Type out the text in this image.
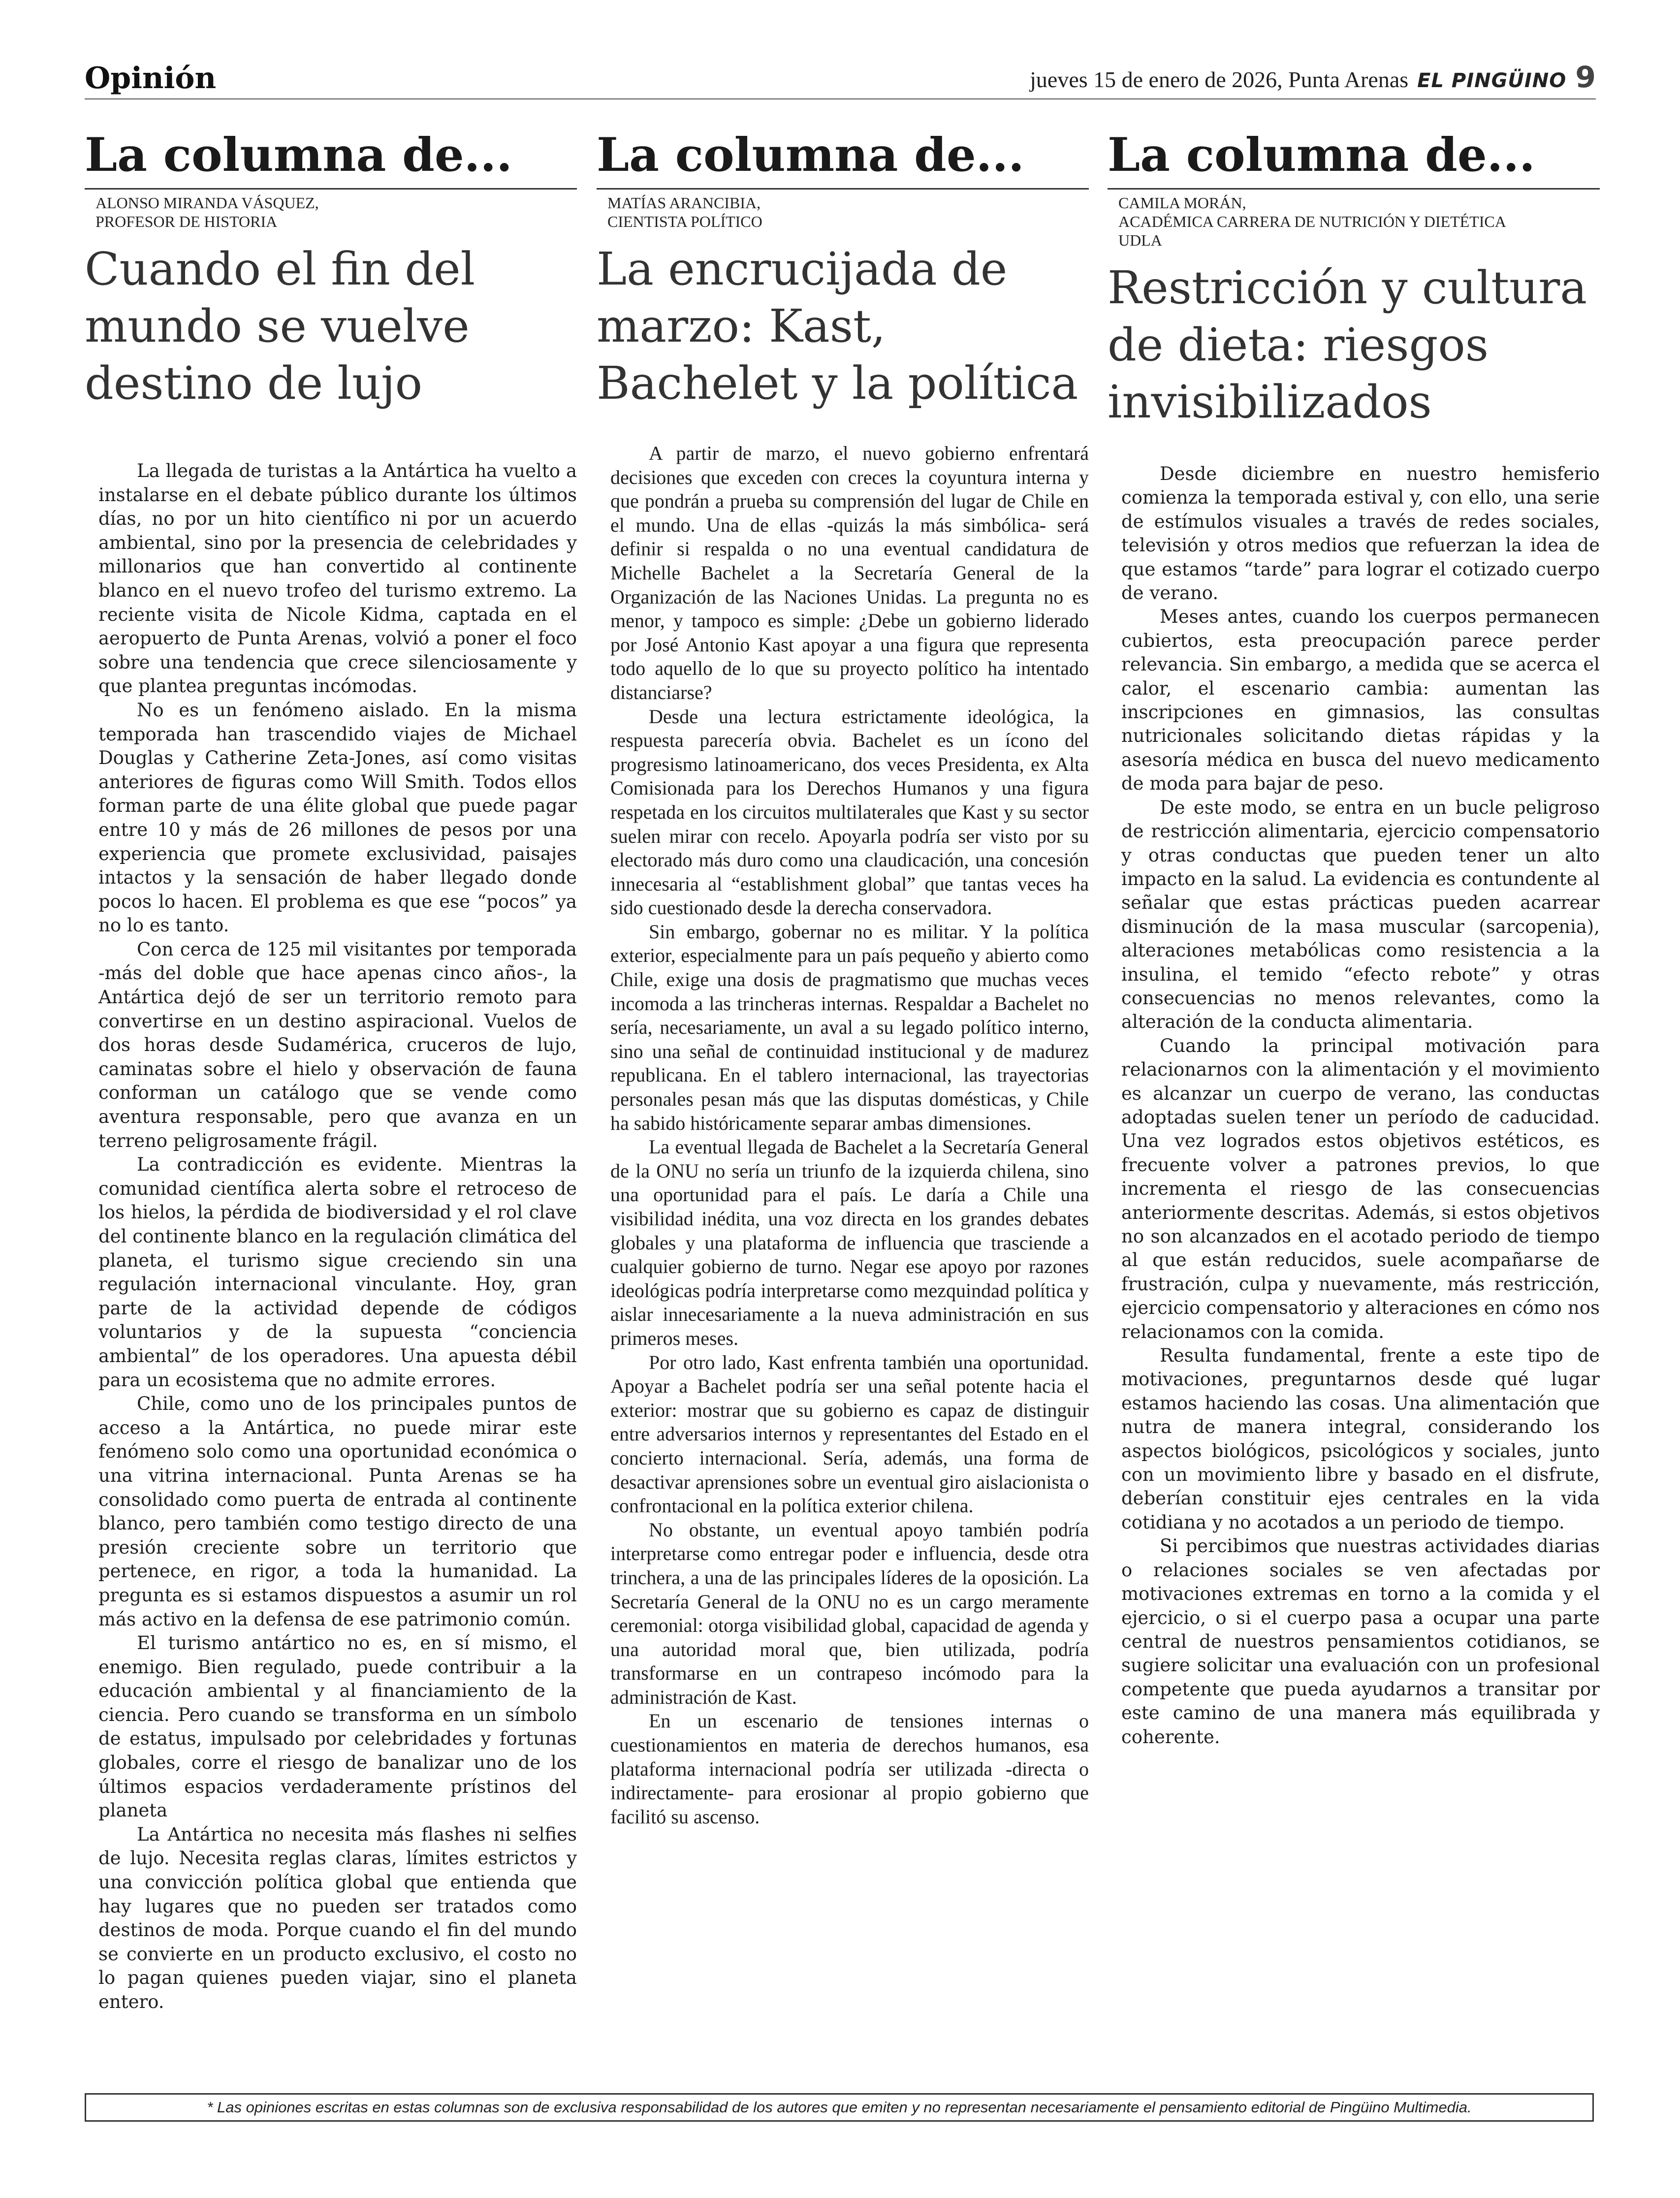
Opinión	jueves 15 de enero de 2026, Punta Arenas EL PINGÜINO 9
La columna de...
ALONSO MIRANDA VÁSQUEZ,
PROFESOR DE HISTORIA
Cuando el fin del mundo se vuelve destino de lujo

La llegada de turistas a la Antártica ha vuelto a instalarse en el debate público durante los últimos días, no por un hito científico ni por un acuerdo ambiental, sino por la presencia de celebridades y millonarios que han convertido al continente blanco en el nuevo trofeo del turismo extremo. La reciente visita de Nicole Kidma, captada en el aeropuerto de Punta Arenas, volvió a poner el foco sobre una tendencia que crece silenciosamente y que plantea preguntas incómodas.

No es un fenómeno aislado. En la misma temporada han trascendido viajes de Michael Douglas y Catherine Zeta-Jones, así como visitas anteriores de figuras como Will Smith. Todos ellos forman parte de una élite global que puede pagar entre 10 y más de 26 millones de pesos por una experiencia que promete exclusividad, paisajes intactos y la sensación de haber llegado donde pocos lo hacen. El problema es que ese “pocos” ya no lo es tanto.

Con cerca de 125 mil visitantes por temporada -más del doble que hace apenas cinco años-, la Antártica dejó de ser un territorio remoto para convertirse en un destino aspiracional. Vuelos de dos horas desde Sudamérica, cruceros de lujo, caminatas sobre el hielo y observación de fauna conforman un catálogo que se vende como aventura responsable, pero que avanza en un terreno peligrosamente frágil.

La contradicción es evidente. Mientras la comunidad científica alerta sobre el retroceso de los hielos, la pérdida de biodiversidad y el rol clave del continente blanco en la regulación climática del planeta, el turismo sigue creciendo sin una regulación internacional vinculante. Hoy, gran parte de la actividad depende de códigos voluntarios y de la supuesta “conciencia ambiental” de los operadores. Una apuesta débil para un ecosistema que no admite errores.

Chile, como uno de los principales puntos de acceso a la Antártica, no puede mirar este fenómeno solo como una oportunidad económica o una vitrina internacional. Punta Arenas se ha consolidado como puerta de entrada al continente blanco, pero también como testigo directo de una presión creciente sobre un territorio que pertenece, en rigor, a toda la humanidad. La pregunta es si estamos dispuestos a asumir un rol más activo en la defensa de ese patrimonio común.

El turismo antártico no es, en sí mismo, el enemigo. Bien regulado, puede contribuir a la educación ambiental y al financiamiento de la ciencia. Pero cuando se transforma en un símbolo de estatus, impulsado por celebridades y fortunas globales, corre el riesgo de banalizar uno de los últimos espacios verdaderamente prístinos del planeta

La Antártica no necesita más flashes ni selfies de lujo. Necesita reglas claras, límites estrictos y una convicción política global que entienda que hay lugares que no pueden ser tratados como destinos de moda. Porque cuando el fin del mundo se convierte en un producto exclusivo, el costo no lo pagan quienes pueden viajar, sino el planeta entero.

La columna de...
MATÍAS ARANCIBIA,
CIENTISTA POLÍTICO
La encrucijada de marzo: Kast, Bachelet y la política

A partir de marzo, el nuevo gobierno enfrentará decisiones que exceden con creces la coyuntura interna y que pondrán a prueba su comprensión del lugar de Chile en el mundo. Una de ellas -quizás la más simbólica- será definir si respalda o no una eventual candidatura de Michelle Bachelet a la Secretaría General de la Organización de las Naciones Unidas. La pregunta no es menor, y tampoco es simple: ¿Debe un gobierno liderado por José Antonio Kast apoyar a una figura que representa todo aquello de lo que su proyecto político ha intentado distanciarse?

Desde una lectura estrictamente ideológica, la respuesta parecería obvia. Bachelet es un ícono del progresismo latinoamericano, dos veces Presidenta, ex Alta Comisionada para los Derechos Humanos y una figura respetada en los circuitos multilaterales que Kast y su sector suelen mirar con recelo. Apoyarla podría ser visto por su electorado más duro como una claudicación, una concesión innecesaria al “establishment global” que tantas veces ha sido cuestionado desde la derecha conservadora.

Sin embargo, gobernar no es militar. Y la política exterior, especialmente para un país pequeño y abierto como Chile, exige una dosis de pragmatismo que muchas veces incomoda a las trincheras internas. Respaldar a Bachelet no sería, necesariamente, un aval a su legado político interno, sino una señal de continuidad institucional y de madurez republicana. En el tablero internacional, las trayectorias personales pesan más que las disputas domésticas, y Chile ha sabido históricamente separar ambas dimensiones.

La eventual llegada de Bachelet a la Secretaría General de la ONU no sería un triunfo de la izquierda chilena, sino una oportunidad para el país. Le daría a Chile una visibilidad inédita, una voz directa en los grandes debates globales y una plataforma de influencia que trasciende a cualquier gobierno de turno. Negar ese apoyo por razones ideológicas podría interpretarse como mezquindad política y aislar innecesariamente a la nueva administración en sus primeros meses.

Por otro lado, Kast enfrenta también una oportunidad. Apoyar a Bachelet podría ser una señal potente hacia el exterior: mostrar que su gobierno es capaz de distinguir entre adversarios internos y representantes del Estado en el concierto internacional. Sería, además, una forma de desactivar aprensiones sobre un eventual giro aislacionista o confrontacional en la política exterior chilena.

No obstante, un eventual apoyo también podría interpretarse como entregar poder e influencia, desde otra trinchera, a una de las principales líderes de la oposición. La Secretaría General de la ONU no es un cargo meramente ceremonial: otorga visibilidad global, capacidad de agenda y una autoridad moral que, bien utilizada, podría transformarse en un contrapeso incómodo para la administración de Kast.

En un escenario de tensiones internas o cuestionamientos en materia de derechos humanos, esa plataforma internacional podría ser utilizada -directa o indirectamente- para erosionar al propio gobierno que facilitó su ascenso.

La columna de...
CAMILA MORÁN,
ACADÉMICA CARRERA DE NUTRICIÓN Y DIETÉTICA
UDLA
Restricción y cultura de dieta: riesgos invisibilizados

Desde diciembre en nuestro hemisferio comienza la temporada estival y, con ello, una serie de estímulos visuales a través de redes sociales, televisión y otros medios que refuerzan la idea de que estamos “tarde” para lograr el cotizado cuerpo de verano.

Meses antes, cuando los cuerpos permanecen cubiertos, esta preocupación parece perder relevancia. Sin embargo, a medida que se acerca el calor, el escenario cambia: aumentan las inscripciones en gimnasios, las consultas nutricionales solicitando dietas rápidas y la asesoría médica en busca del nuevo medicamento de moda para bajar de peso.

De este modo, se entra en un bucle peligroso de restricción alimentaria, ejercicio compensatorio y otras conductas que pueden tener un alto impacto en la salud. La evidencia es contundente al señalar que estas prácticas pueden acarrear disminución de la masa muscular (sarcopenia), alteraciones metabólicas como resistencia a la insulina, el temido “efecto rebote” y otras consecuencias no menos relevantes, como la alteración de la conducta alimentaria.

Cuando la principal motivación para relacionarnos con la alimentación y el movimiento es alcanzar un cuerpo de verano, las conductas adoptadas suelen tener un período de caducidad. Una vez logrados estos objetivos estéticos, es frecuente volver a patrones previos, lo que incrementa el riesgo de las consecuencias anteriormente descritas. Además, si estos objetivos no son alcanzados en el acotado periodo de tiempo al que están reducidos, suele acompañarse de frustración, culpa y nuevamente, más restricción, ejercicio compensatorio y alteraciones en cómo nos relacionamos con la comida.

Resulta fundamental, frente a este tipo de motivaciones, preguntarnos desde qué lugar estamos haciendo las cosas. Una alimentación que nutra de manera integral, considerando los aspectos biológicos, psicológicos y sociales, junto con un movimiento libre y basado en el disfrute, deberían constituir ejes centrales en la vida cotidiana y no acotados a un periodo de tiempo.

Si percibimos que nuestras actividades diarias o relaciones sociales se ven afectadas por motivaciones extremas en torno a la comida y el ejercicio, o si el cuerpo pasa a ocupar una parte central de nuestros pensamientos cotidianos, se sugiere solicitar una evaluación con un profesional competente que pueda ayudarnos a transitar por este camino de una manera más equilibrada y coherente.

* Las opiniones escritas en estas columnas son de exclusiva responsabilidad de los autores que emiten y no representan necesariamente el pensamiento editorial de Pingüino Multimedia.
